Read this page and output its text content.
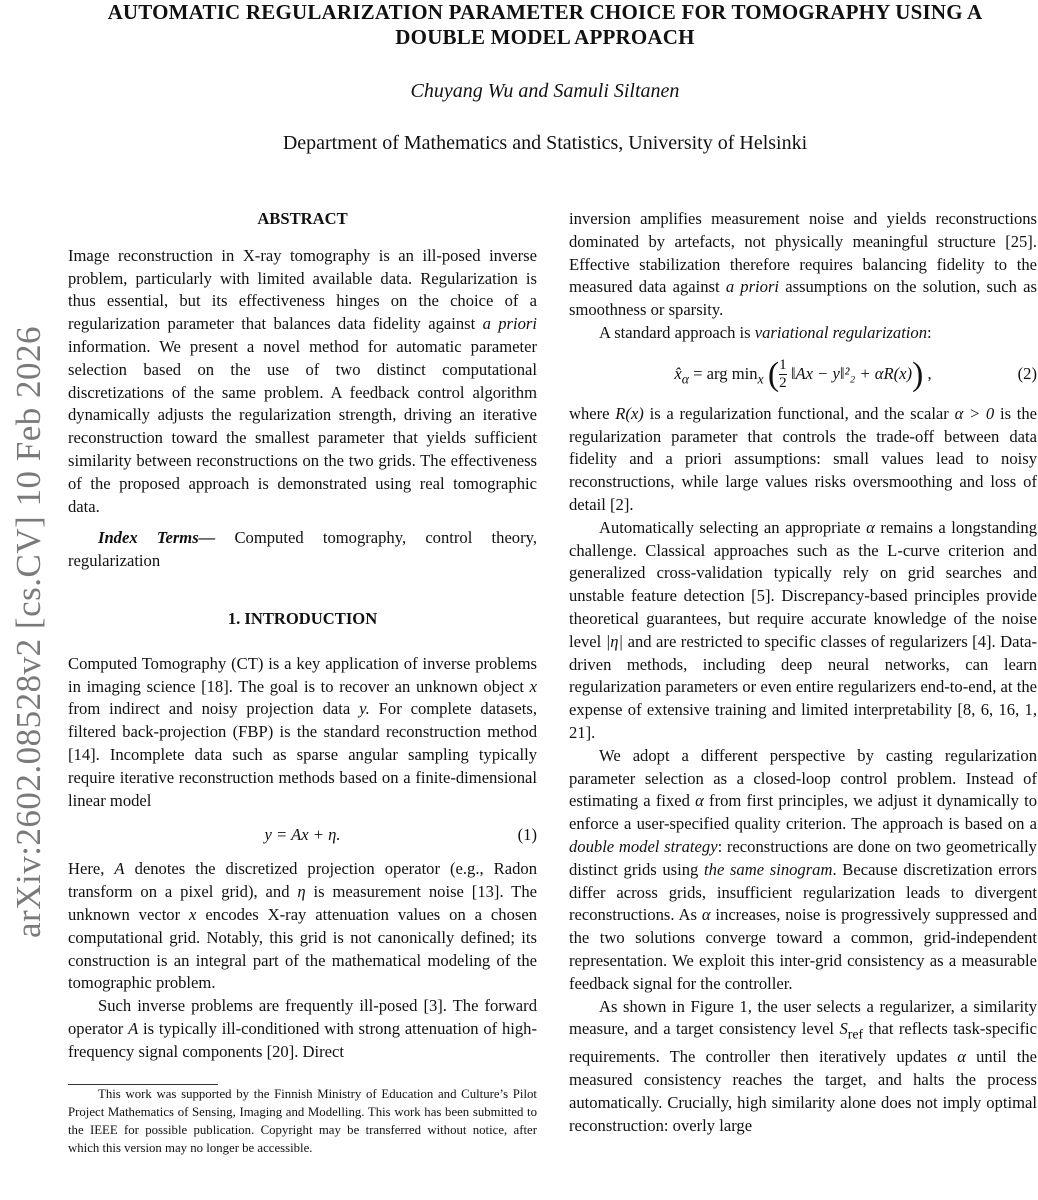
AUTOMATIC REGULARIZATION PARAMETER CHOICE FOR TOMOGRAPHY USING A
DOUBLE MODEL APPROACH
Chuyang Wu and Samuli Siltanen
Department of Mathematics and Statistics, University of Helsinki
arXiv:2602.08528v2 [cs.CV] 10 Feb 2026

ABSTRACT

Image reconstruction in X-ray tomography is an ill-posed inverse problem, particularly with limited available data. Regularization is thus essential, but its effectiveness hinges on the choice of a regularization parameter that balances data fidelity against a priori information. We present a novel method for automatic parameter selection based on the use of two distinct computational discretizations of the same problem. A feedback control algorithm dynamically adjusts the regularization strength, driving an iterative reconstruction toward the smallest parameter that yields sufficient similarity between reconstructions on the two grids. The effectiveness of the proposed approach is demonstrated using real tomographic data.

Index Terms— Computed tomography, control theory, regularization

1. INTRODUCTION

Computed Tomography (CT) is a key application of inverse problems in imaging science [18]. The goal is to recover an unknown object x from indirect and noisy projection data y. For complete datasets, filtered back-projection (FBP) is the standard reconstruction method [14]. Incomplete data such as sparse angular sampling typically require iterative reconstruction methods based on a finite-dimensional linear model

y = Ax + η.	(1)

Here, A denotes the discretized projection operator (e.g., Radon transform on a pixel grid), and η is measurement noise [13]. The unknown vector x encodes X-ray attenuation values on a chosen computational grid. Notably, this grid is not canonically defined; its construction is an integral part of the mathematical modeling of the tomographic problem.

Such inverse problems are frequently ill-posed [3]. The forward operator A is typically ill-conditioned with strong attenuation of high-frequency signal components [20]. Direct

This work was supported by the Finnish Ministry of Education and Culture’s Pilot Project Mathematics of Sensing, Imaging and Modelling. This work has been submitted to the IEEE for possible publication. Copyright may be transferred without notice, after which this version may no longer be accessible.

inversion amplifies measurement noise and yields reconstructions dominated by artefacts, not physically meaningful structure [25]. Effective stabilization therefore requires balancing fidelity to the measured data against a priori assumptions on the solution, such as smoothness or sparsity.

A standard approach is variational regularization:

$x̂_\alpha$ = arg $\min_x$ ( $\frac{1}{2}$ ‖Ax − y‖²₂ + αR(x)) ,	(2)

where R(x) is a regularization functional, and the scalar α > 0 is the regularization parameter that controls the trade-off between data fidelity and a priori assumptions: small values lead to noisy reconstructions, while large values risks oversmoothing and loss of detail [2].

Automatically selecting an appropriate α remains a longstanding challenge. Classical approaches such as the L-curve criterion and generalized cross-validation typically rely on grid searches and unstable feature detection [5]. Discrepancy-based principles provide theoretical guarantees, but require accurate knowledge of the noise level |η| and are restricted to specific classes of regularizers [4]. Data-driven methods, including deep neural networks, can learn regularization parameters or even entire regularizers end-to-end, at the expense of extensive training and limited interpretability [8, 6, 16, 1, 21].

We adopt a different perspective by casting regularization parameter selection as a closed-loop control problem. Instead of estimating a fixed α from first principles, we adjust it dynamically to enforce a user-specified quality criterion. The approach is based on a double model strategy: reconstructions are done on two geometrically distinct grids using the same sinogram. Because discretization errors differ across grids, insufficient regularization leads to divergent reconstructions. As α increases, noise is progressively suppressed and the two solutions converge toward a common, grid-independent representation. We exploit this inter-grid consistency as a measurable feedback signal for the controller.

As shown in Figure 1, the user selects a regularizer, a similarity measure, and a target consistency level $S_{ref}$ that reflects task-specific requirements. The controller then iteratively updates α until the measured consistency reaches the target, and halts the process automatically. Crucially, high similarity alone does not imply optimal reconstruction: overly large
